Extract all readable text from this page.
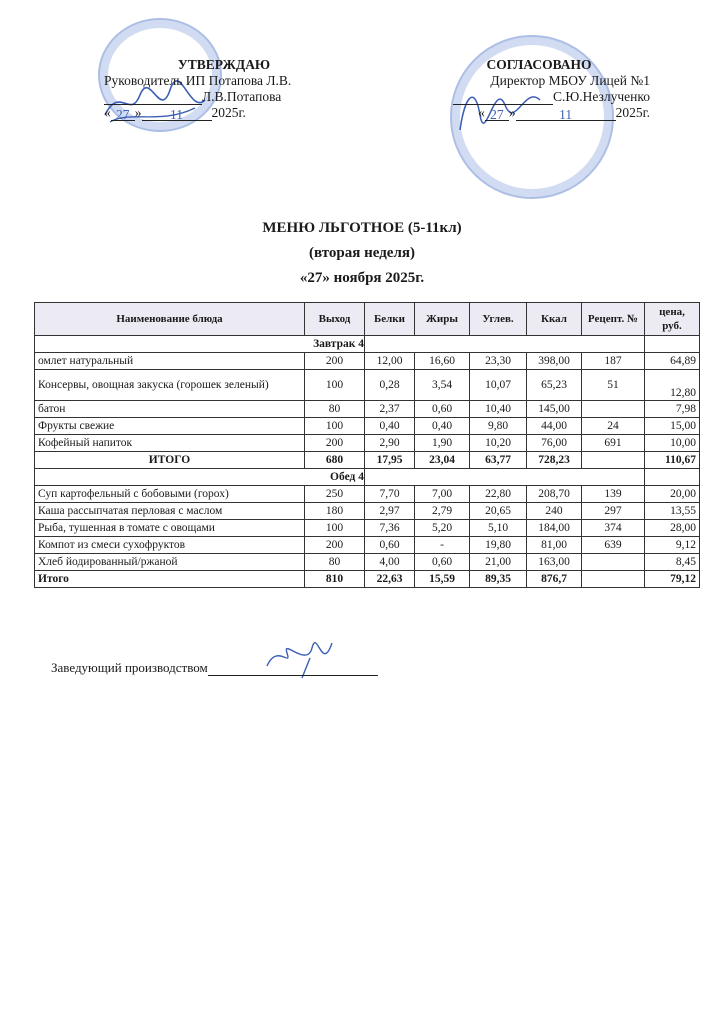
УТВЕРЖДАЮ
Руководитель ИП Потапова Л.В.
Л.В.Потапова
« 27 » 11 2025г.
СОГЛАСОВАНО
Директор МБОУ Лицей №1
С.Ю.Незлученко
« 27 »	11	2025г.
МЕНЮ ЛЬГОТНОЕ (5-11кл)
(вторая неделя)
«27» ноября 2025г.
Наименование блюда	Выход	Белки	Жиры	Углев.	Ккал	Рецепт. №	цена, руб.
Завтрак 4							
омлет натуральный	200	12,00	16,60	23,30	398,00	187	64,89
Консервы, овощная закуска (горошек зеленый)	100	0,28	3,54	10,07	65,23	51	12,80
батон	80	2,37	0,60	10,40	145,00		7,98
Фрукты свежие	100	0,40	0,40	9,80	44,00	24	15,00
Кофейный напиток	200	2,90	1,90	10,20	76,00	691	10,00
ИТОГО	680	17,95	23,04	63,77	728,23		110,67
Обед 4							
Суп картофельный с бобовыми (горох)	250	7,70	7,00	22,80	208,70	139	20,00
Каша рассыпчатая перловая с маслом	180	2,97	2,79	20,65	240	297	13,55
Рыба, тушенная в томате с овощами	100	7,36	5,20	5,10	184,00	374	28,00
Компот из смеси сухофруктов	200	0,60	-	19,80	81,00	639	9,12
Хлеб йодированный/ржаной	80	4,00	0,60	21,00	163,00		8,45
Итого	810	22,63	15,59	89,35	876,7		79,12
Заведующий производством
